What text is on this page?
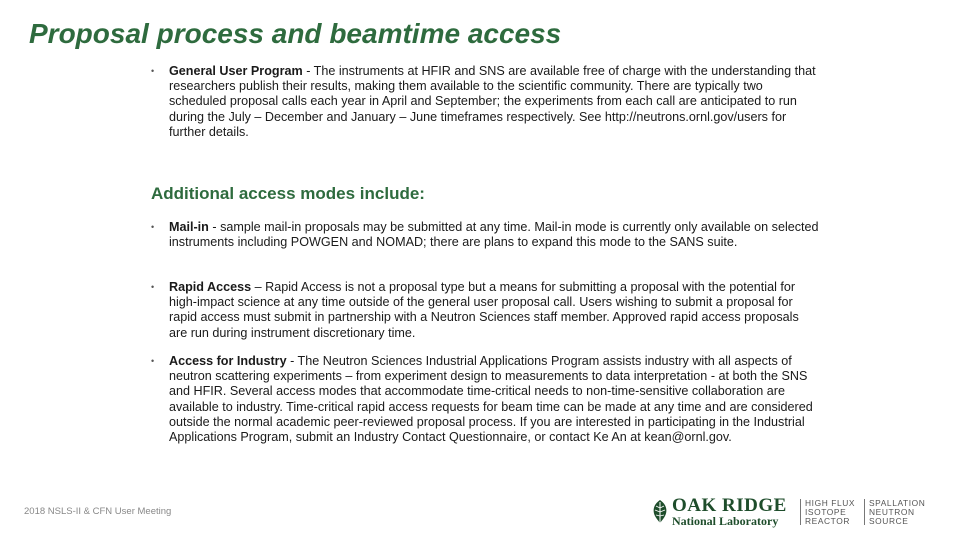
Proposal process and beamtime access
• General User Program - The instruments at HFIR and SNS are available free of charge with the understanding that researchers publish their results, making them available to the scientific community. There are typically two scheduled proposal calls each year in April and September; the experiments from each call are anticipated to run during the July – December and January – June timeframes respectively. See http://neutrons.ornl.gov/users for further details.
Additional access modes include:
• Mail-in - sample mail-in proposals may be submitted at any time. Mail-in mode is currently only available on selected instruments including POWGEN and NOMAD; there are plans to expand this mode to the SANS suite.
• Rapid Access – Rapid Access is not a proposal type but a means for submitting a proposal with the potential for high-impact science at any time outside of the general user proposal call. Users wishing to submit a proposal for rapid access must submit in partnership with a Neutron Sciences staff member. Approved rapid access proposals are run during instrument discretionary time.
• Access for Industry - The Neutron Sciences Industrial Applications Program assists industry with all aspects of neutron scattering experiments – from experiment design to measurements to data interpretation - at both the SNS and HFIR. Several access modes that accommodate time-critical needs to non-time-sensitive collaboration are available to industry. Time-critical rapid access requests for beam time can be made at any time and are considered outside the normal academic peer-reviewed proposal process. If you are interested in participating in the Industrial Applications Program, submit an Industry Contact Questionnaire, or contact Ke An at kean@ornl.gov.
2018 NSLS-II & CFN User Meeting	OAK RIDGE
National Laboratory
HIGH FLUX
ISOTOPE
REACTOR
SPALLATION
NEUTRON
SOURCE
